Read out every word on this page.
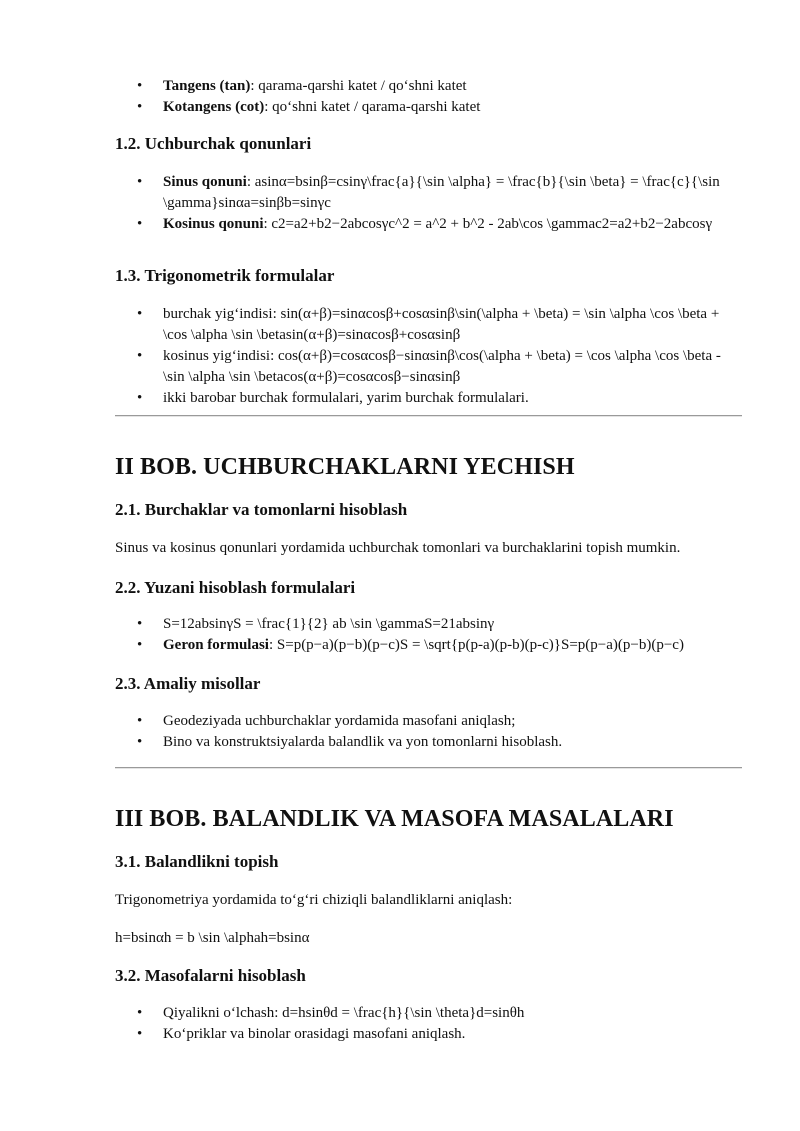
• Tangens (tan): qarama-qarshi katet / qo‘shni katet
• Kotangens (cot): qo‘shni katet / qarama-qarshi katet
1.2. Uchburchak qonunlari
• Sinus qonuni: asinα=bsinβ=csinγ\frac{a}{\sin \alpha} = \frac{b}{\sin \beta} = \frac{c}{\sin \gamma}sinαa=sinβb=sinγc
• Kosinus qonuni: c2=a2+b2−2abcosγc^2 = a^2 + b^2 - 2ab\cos \gammac2=a2+b2−2abcosγ
1.3. Trigonometrik formulalar
• burchak yig‘indisi: sin(α+β)=sinαcosβ+cosαsinβ\sin(\alpha + \beta) = \sin \alpha \cos \beta + \cos \alpha \sin \betasin(α+β)=sinαcosβ+cosαsinβ
• kosinus yig‘indisi: cos(α+β)=cosαcosβ−sinαsinβ\cos(\alpha + \beta) = \cos \alpha \cos \beta - \sin \alpha \sin \betacos(α+β)=cosαcosβ−sinαsinβ
• ikki barobar burchak formulalari, yarim burchak formulalari.
II BOB. UCHBURCHAKLARNI YECHISH
2.1. Burchaklar va tomonlarni hisoblash

Sinus va kosinus qonunlari yordamida uchburchak tomonlari va burchaklarini topish mumkin.

2.2. Yuzani hisoblash formulalari
• S=12absinγS = \frac{1}{2} ab \sin \gammaS=21absinγ
• Geron formulasi: S=p(p−a)(p−b)(p−c)S = \sqrt{p(p-a)(p-b)(p-c)}S=p(p−a)(p−b)(p−c)
2.3. Amaliy misollar
• Geodeziyada uchburchaklar yordamida masofani aniqlash;
• Bino va konstruktsiyalarda balandlik va yon tomonlarni hisoblash.
III BOB. BALANDLIK VA MASOFA MASALALARI
3.1. Balandlikni topish

Trigonometriya yordamida to‘g‘ri chiziqli balandliklarni aniqlash:

h=bsinαh = b \sin \alphah=bsinα

3.2. Masofalarni hisoblash
• Qiyalikni o‘lchash: d=hsinθd = \frac{h}{\sin \theta}d=sinθh
• Ko‘priklar va binolar orasidagi masofani aniqlash.
